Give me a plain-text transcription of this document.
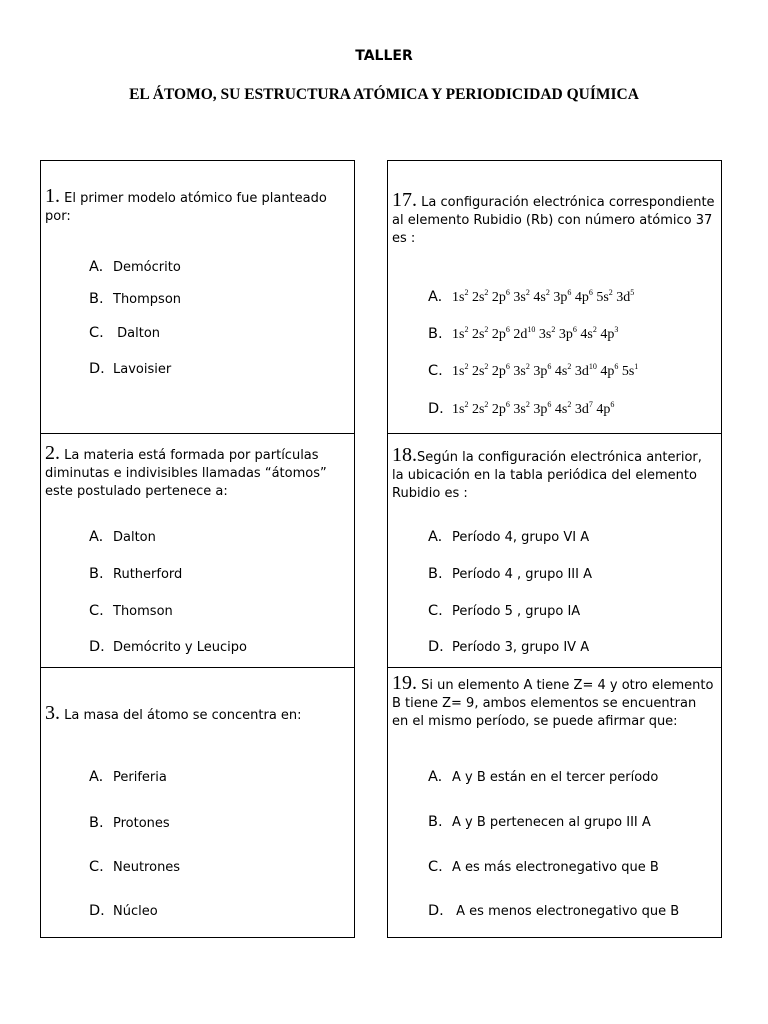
TALLER
EL ÁTOMO, SU ESTRUCTURA ATÓMICA Y PERIODICIDAD QUÍMICA
1. El primer modelo atómico fue planteado por:
A. Demócrito
B. Thompson
C. Dalton
D. Lavoisier
2. La materia está formada por partículas diminutas e indivisibles llamadas “átomos” este postulado pertenece a:
A. Dalton
B. Rutherford
C. Thomson
D. Demócrito y Leucipo
3. La masa del átomo se concentra en:
A. Periferia
B. Protones
C. Neutrones
D. Núcleo
17. La configuración electrónica correspondiente al elemento Rubidio (Rb) con número atómico 37 es :
A. $1s^2$ $2s^2$ $2p^6$ $3s^2$ $4s^2$ $3p^6$ $4p^6$ $5s^2$ $3d^5$
B. $1s^2$ $2s^2$ $2p^6$ $2d^{10}$ $3s^2$ $3p^6$ $4s^2$ $4p^3$
C. $1s^2$ $2s^2$ $2p^6$ $3s^2$ $3p^6$ $4s^2$ $3d^{10}$ $4p^6$ $5s^1$
D. $1s^2$ $2s^2$ $2p^6$ $3s^2$ $3p^6$ $4s^2$ $3d^7$ $4p^6$
18.Según la configuración electrónica anterior, la ubicación en la tabla periódica del elemento Rubidio es :
A. Período 4, grupo VI A
B. Período 4 , grupo III A
C. Período 5 , grupo IA
D. Período 3, grupo IV A
19. Si un elemento A tiene Z= 4 y otro elemento B tiene Z= 9, ambos elementos se encuentran en el mismo período, se puede afirmar que:
A. A y B están en el tercer período
B. A y B pertenecen al grupo III A
C. A es más electronegativo que B
D. A es menos electronegativo que B
